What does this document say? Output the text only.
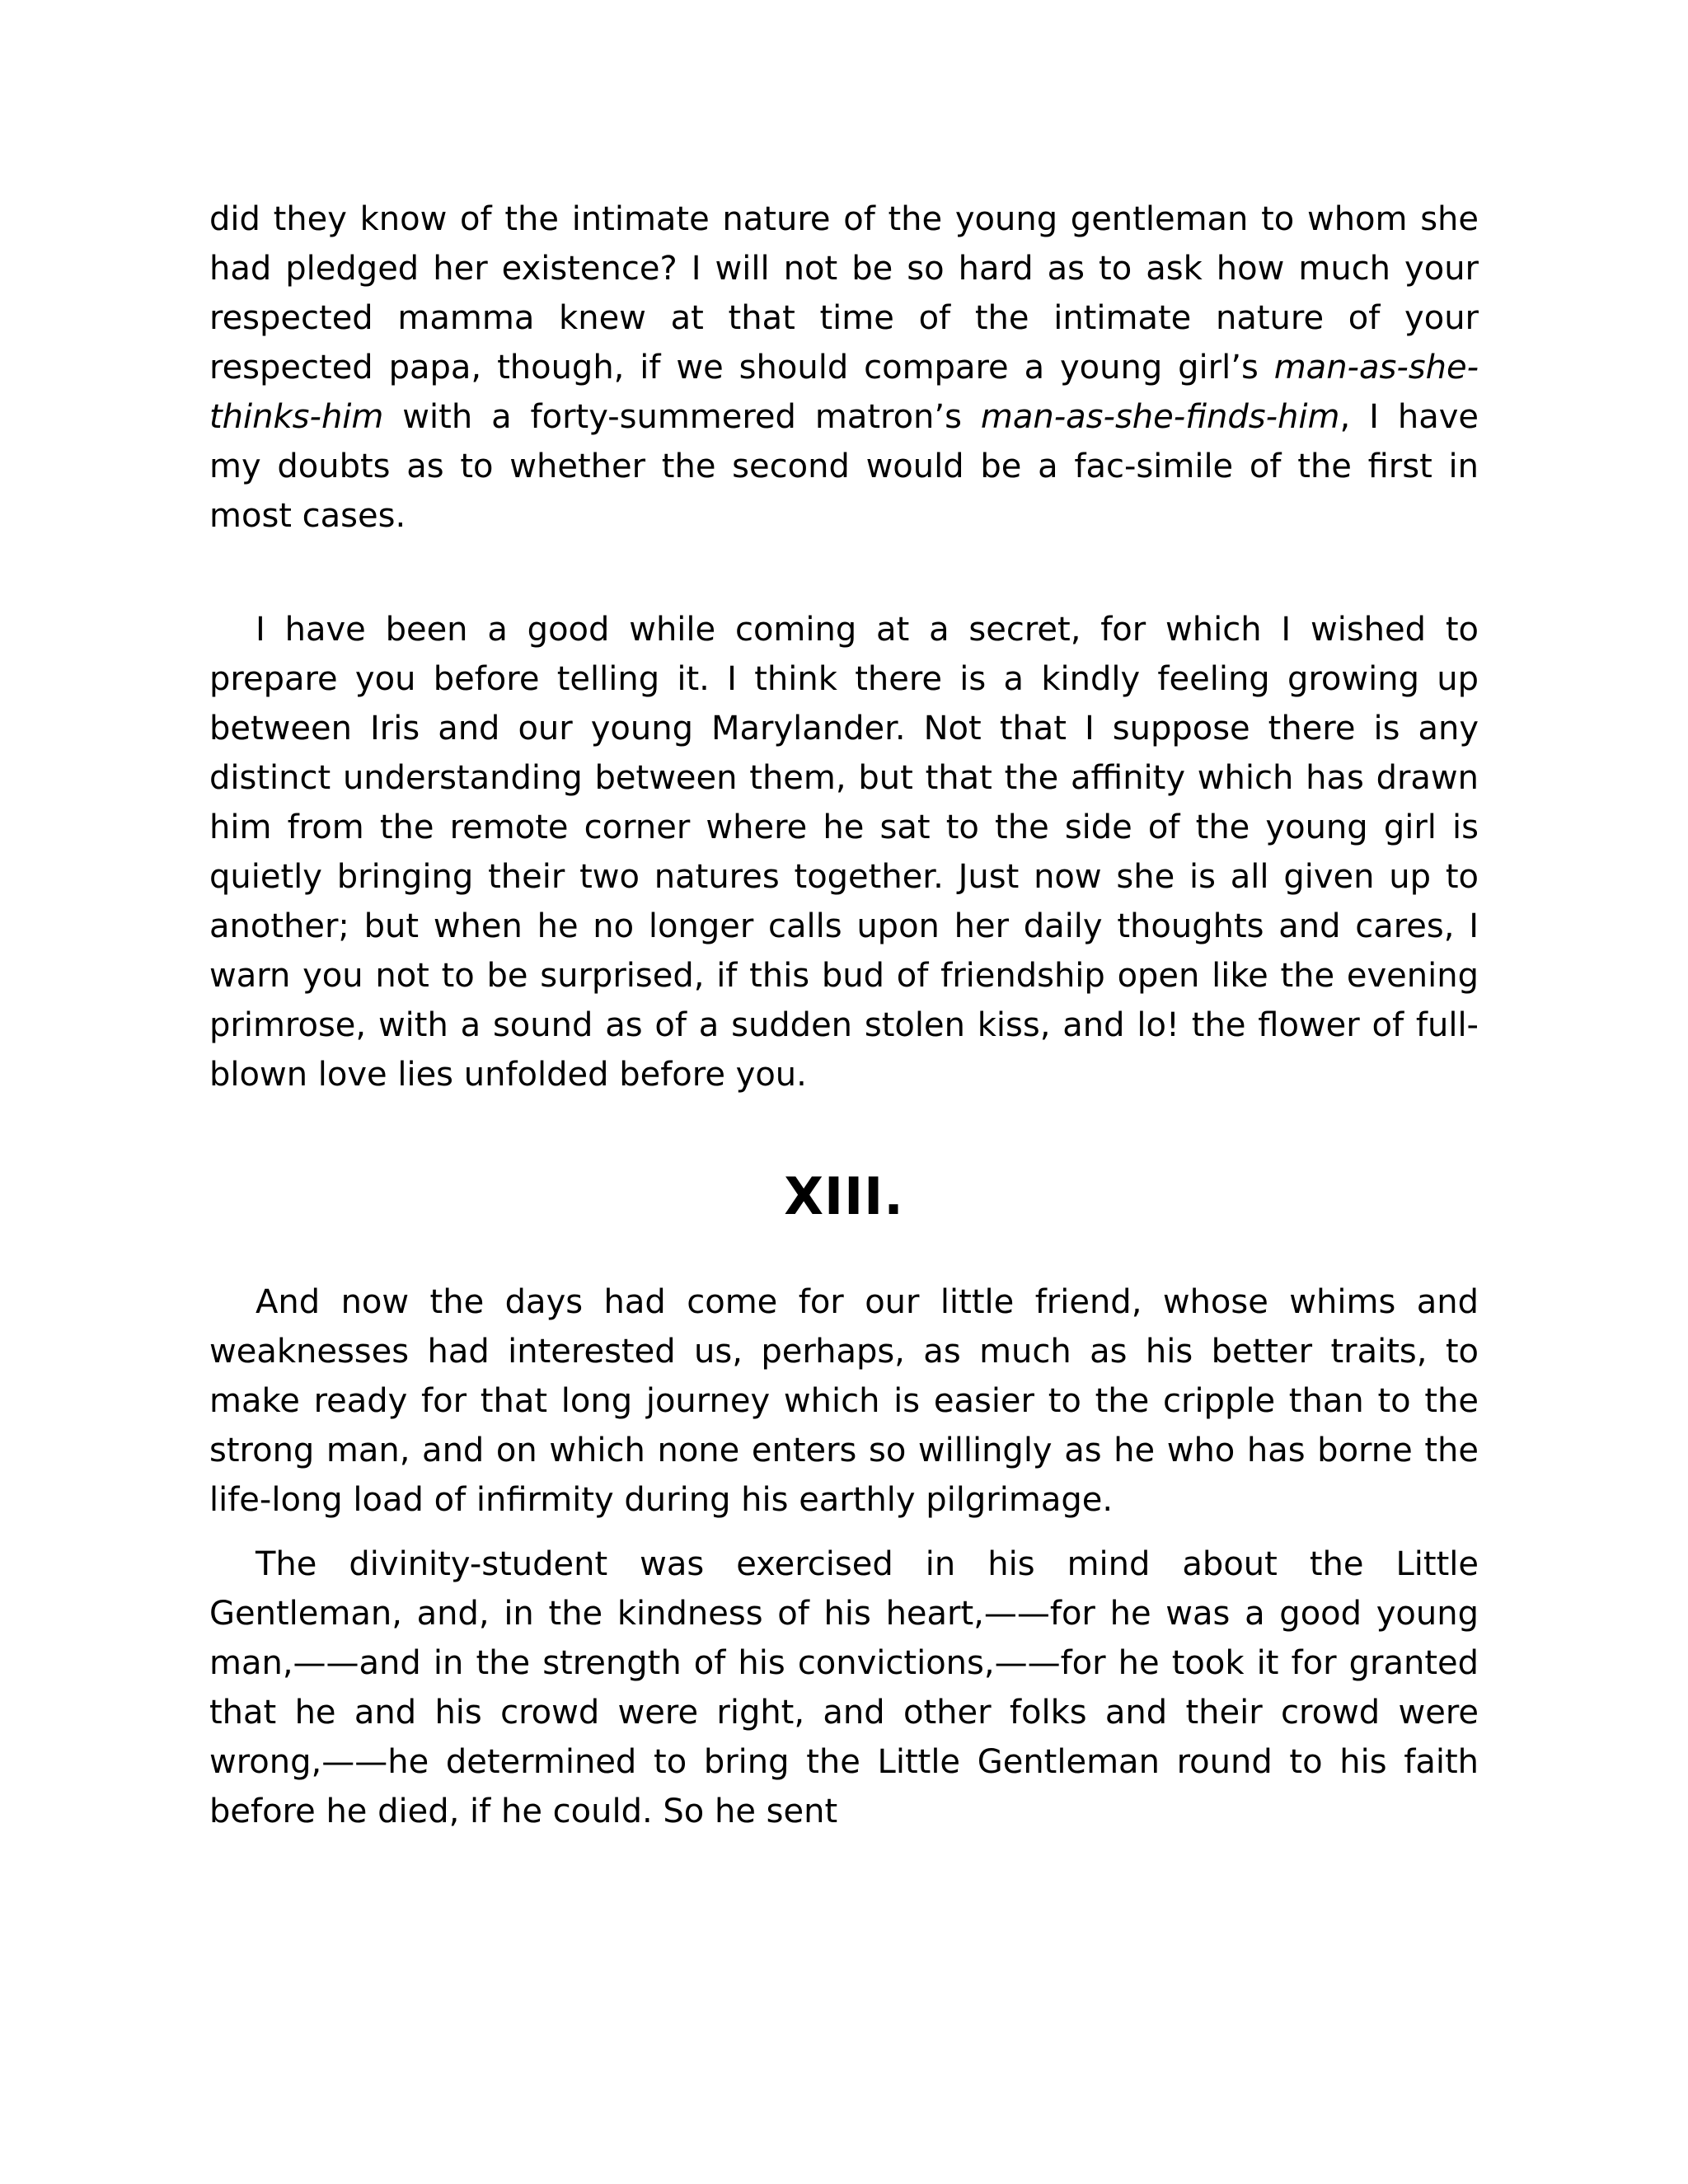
did they know of the intimate nature of the young gentleman to whom she had pledged her existence? I will not be so hard as to ask how much your respected mamma knew at that time of the intimate nature of your respected papa, though, if we should compare a young girl’s man-as-she-thinks-him with a forty-summered matron’s man-as-she-finds-him, I have my doubts as to whether the second would be a fac-simile of the first in most cases.

I have been a good while coming at a secret, for which I wished to prepare you before telling it. I think there is a kindly feeling growing up between Iris and our young Marylander. Not that I suppose there is any distinct understanding between them, but that the affinity which has drawn him from the remote corner where he sat to the side of the young girl is quietly bringing their two natures together. Just now she is all given up to another; but when he no longer calls upon her daily thoughts and cares, I warn you not to be surprised, if this bud of friendship open like the evening primrose, with a sound as of a sudden stolen kiss, and lo! the flower of full-blown love lies unfolded before you.

XIII.

And now the days had come for our little friend, whose whims and weaknesses had interested us, perhaps, as much as his better traits, to make ready for that long journey which is easier to the cripple than to the strong man, and on which none enters so willingly as he who has borne the life-long load of infirmity during his earthly pilgrimage.

The divinity-student was exercised in his mind about the Little Gentleman, and, in the kindness of his heart,——for he was a good young man,——and in the strength of his convictions,——for he took it for granted that he and his crowd were right, and other folks and their crowd were wrong,——he determined to bring the Little Gentleman round to his faith before he died, if he could. So he sent
